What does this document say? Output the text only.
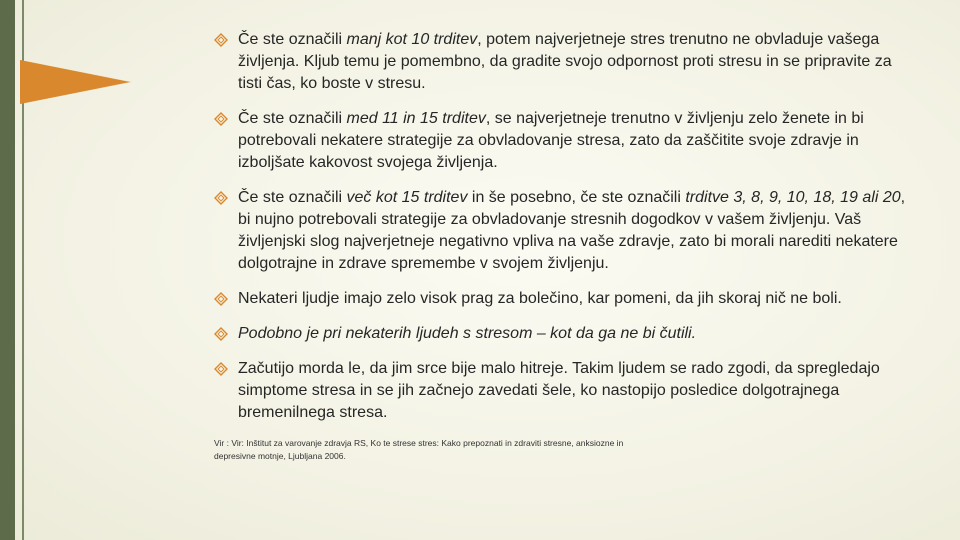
Če ste označili manj kot 10 trditev, potem najverjetneje stres trenutno ne obvladuje vašega življenja. Kljub temu je pomembno, da gradite svojo odpornost proti stresu in se pripravite za tisti čas, ko boste v stresu.
Če ste označili med 11 in 15 trditev, se najverjetneje trenutno v življenju zelo ženete in bi potrebovali nekatere strategije za obvladovanje stresa, zato da zaščitite svoje zdravje in izboljšate kakovost svojega življenja.
Če ste označili več kot 15 trditev in še posebno, če ste označili trditve 3, 8, 9, 10, 18, 19 ali 20, bi nujno potrebovali strategije za obvladovanje stresnih dogodkov v vašem življenju. Vaš življenjski slog najverjetneje negativno vpliva na vaše zdravje, zato bi morali narediti nekatere dolgotrajne in zdrave spremembe v svojem življenju.
Nekateri ljudje imajo zelo visok prag za bolečino, kar pomeni, da jih skoraj nič ne boli.
Podobno je pri nekaterih ljudeh s stresom – kot da ga ne bi čutili.
Začutijo morda le, da jim srce bije malo hitreje. Takim ljudem se rado zgodi, da spregledajo simptome stresa in se jih začnejo zavedati šele, ko nastopijo posledice dolgotrajnega bremenilnega stresa.
Vir : Vir: Inštitut za varovanje zdravja RS, Ko te strese stres: Kako prepoznati in zdraviti stresne, anksiozne in depresivne motnje, Ljubljana 2006.
